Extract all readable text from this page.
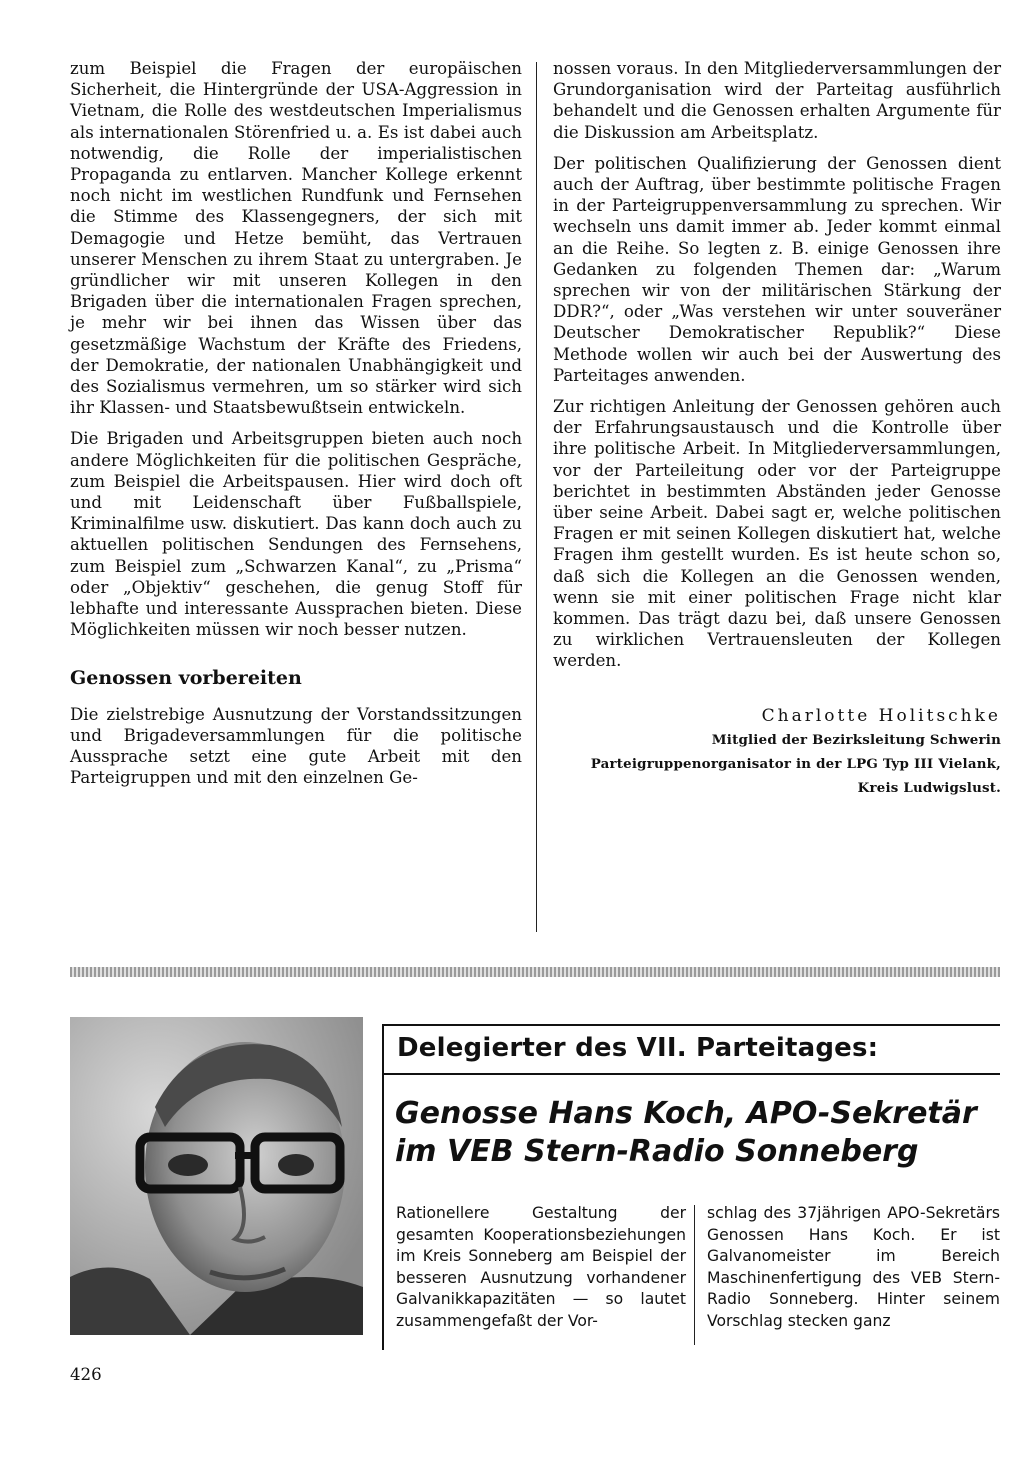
zum Beispiel die Fragen der europäischen Sicherheit, die Hintergründe der USA-Aggression in Vietnam, die Rolle des westdeutschen Imperialismus als internationalen Störenfried u. a. Es ist dabei auch notwendig, die Rolle der imperialistischen Propaganda zu entlarven. Mancher Kollege erkennt noch nicht im westlichen Rundfunk und Fernsehen die Stimme des Klassengegners, der sich mit Demagogie und Hetze bemüht, das Vertrauen unserer Menschen zu ihrem Staat zu untergraben. Je gründlicher wir mit unseren Kollegen in den Brigaden über die internationalen Fragen sprechen, je mehr wir bei ihnen das Wissen über das gesetzmäßige Wachstum der Kräfte des Friedens, der Demokratie, der nationalen Unabhängigkeit und des Sozialismus vermehren, um so stärker wird sich ihr Klassen- und Staatsbewußtsein entwickeln.

Die Brigaden und Arbeitsgruppen bieten auch noch andere Möglichkeiten für die politischen Gespräche, zum Beispiel die Arbeitspausen. Hier wird doch oft und mit Leidenschaft über Fußballspiele, Kriminalfilme usw. diskutiert. Das kann doch auch zu aktuellen politischen Sendungen des Fernsehens, zum Beispiel zum „Schwarzen Kanal“, zu „Prisma“ oder „Objektiv“ geschehen, die genug Stoff für lebhafte und interessante Aussprachen bieten. Diese Möglichkeiten müssen wir noch besser nutzen.

Genossen vorbereiten

Die zielstrebige Ausnutzung der Vorstandssitzungen und Brigadeversammlungen für die politische Aussprache setzt eine gute Arbeit mit den Parteigruppen und mit den einzelnen Ge-

nossen voraus. In den Mitgliederversammlungen der Grundorganisation wird der Parteitag ausführlich behandelt und die Genossen erhalten Argumente für die Diskussion am Arbeitsplatz.

Der politischen Qualifizierung der Genossen dient auch der Auftrag, über bestimmte politische Fragen in der Parteigruppenversammlung zu sprechen. Wir wechseln uns damit immer ab. Jeder kommt einmal an die Reihe. So legten z. B. einige Genossen ihre Gedanken zu folgenden Themen dar: „Warum sprechen wir von der militärischen Stärkung der DDR?“, oder „Was verstehen wir unter souveräner Deutscher Demokratischer Republik?“ Diese Methode wollen wir auch bei der Auswertung des Parteitages anwenden.

Zur richtigen Anleitung der Genossen gehören auch der Erfahrungsaustausch und die Kontrolle über ihre politische Arbeit. In Mitgliederversammlungen, vor der Parteileitung oder vor der Parteigruppe berichtet in bestimmten Abständen jeder Genosse über seine Arbeit. Dabei sagt er, welche politischen Fragen er mit seinen Kollegen diskutiert hat, welche Fragen ihm gestellt wurden. Es ist heute schon so, daß sich die Kollegen an die Genossen wenden, wenn sie mit einer politischen Frage nicht klar kommen. Das trägt dazu bei, daß unsere Genossen zu wirklichen Vertrauensleuten der Kollegen werden.

Charlotte Holitschke
Mitglied der Bezirksleitung Schwerin
Parteigruppenorganisator in der LPG Typ III Vielank,
Kreis Ludwigslust.
Delegierter des VII. Parteitages:
Genosse Hans Koch, APO-Sekretär
im VEB Stern-Radio Sonneberg
Rationellere Gestaltung der gesamten Kooperationsbeziehungen im Kreis Sonneberg am Beispiel der besseren Ausnutzung vorhandener Galvanikkapazitäten — so lautet zusammengefaßt der Vor-
schlag des 37jährigen APO-Sekretärs Genossen Hans Koch. Er ist Galvanomeister im Bereich Maschinenfertigung des VEB Stern-Radio Sonneberg. Hinter seinem Vorschlag stecken ganz
426
